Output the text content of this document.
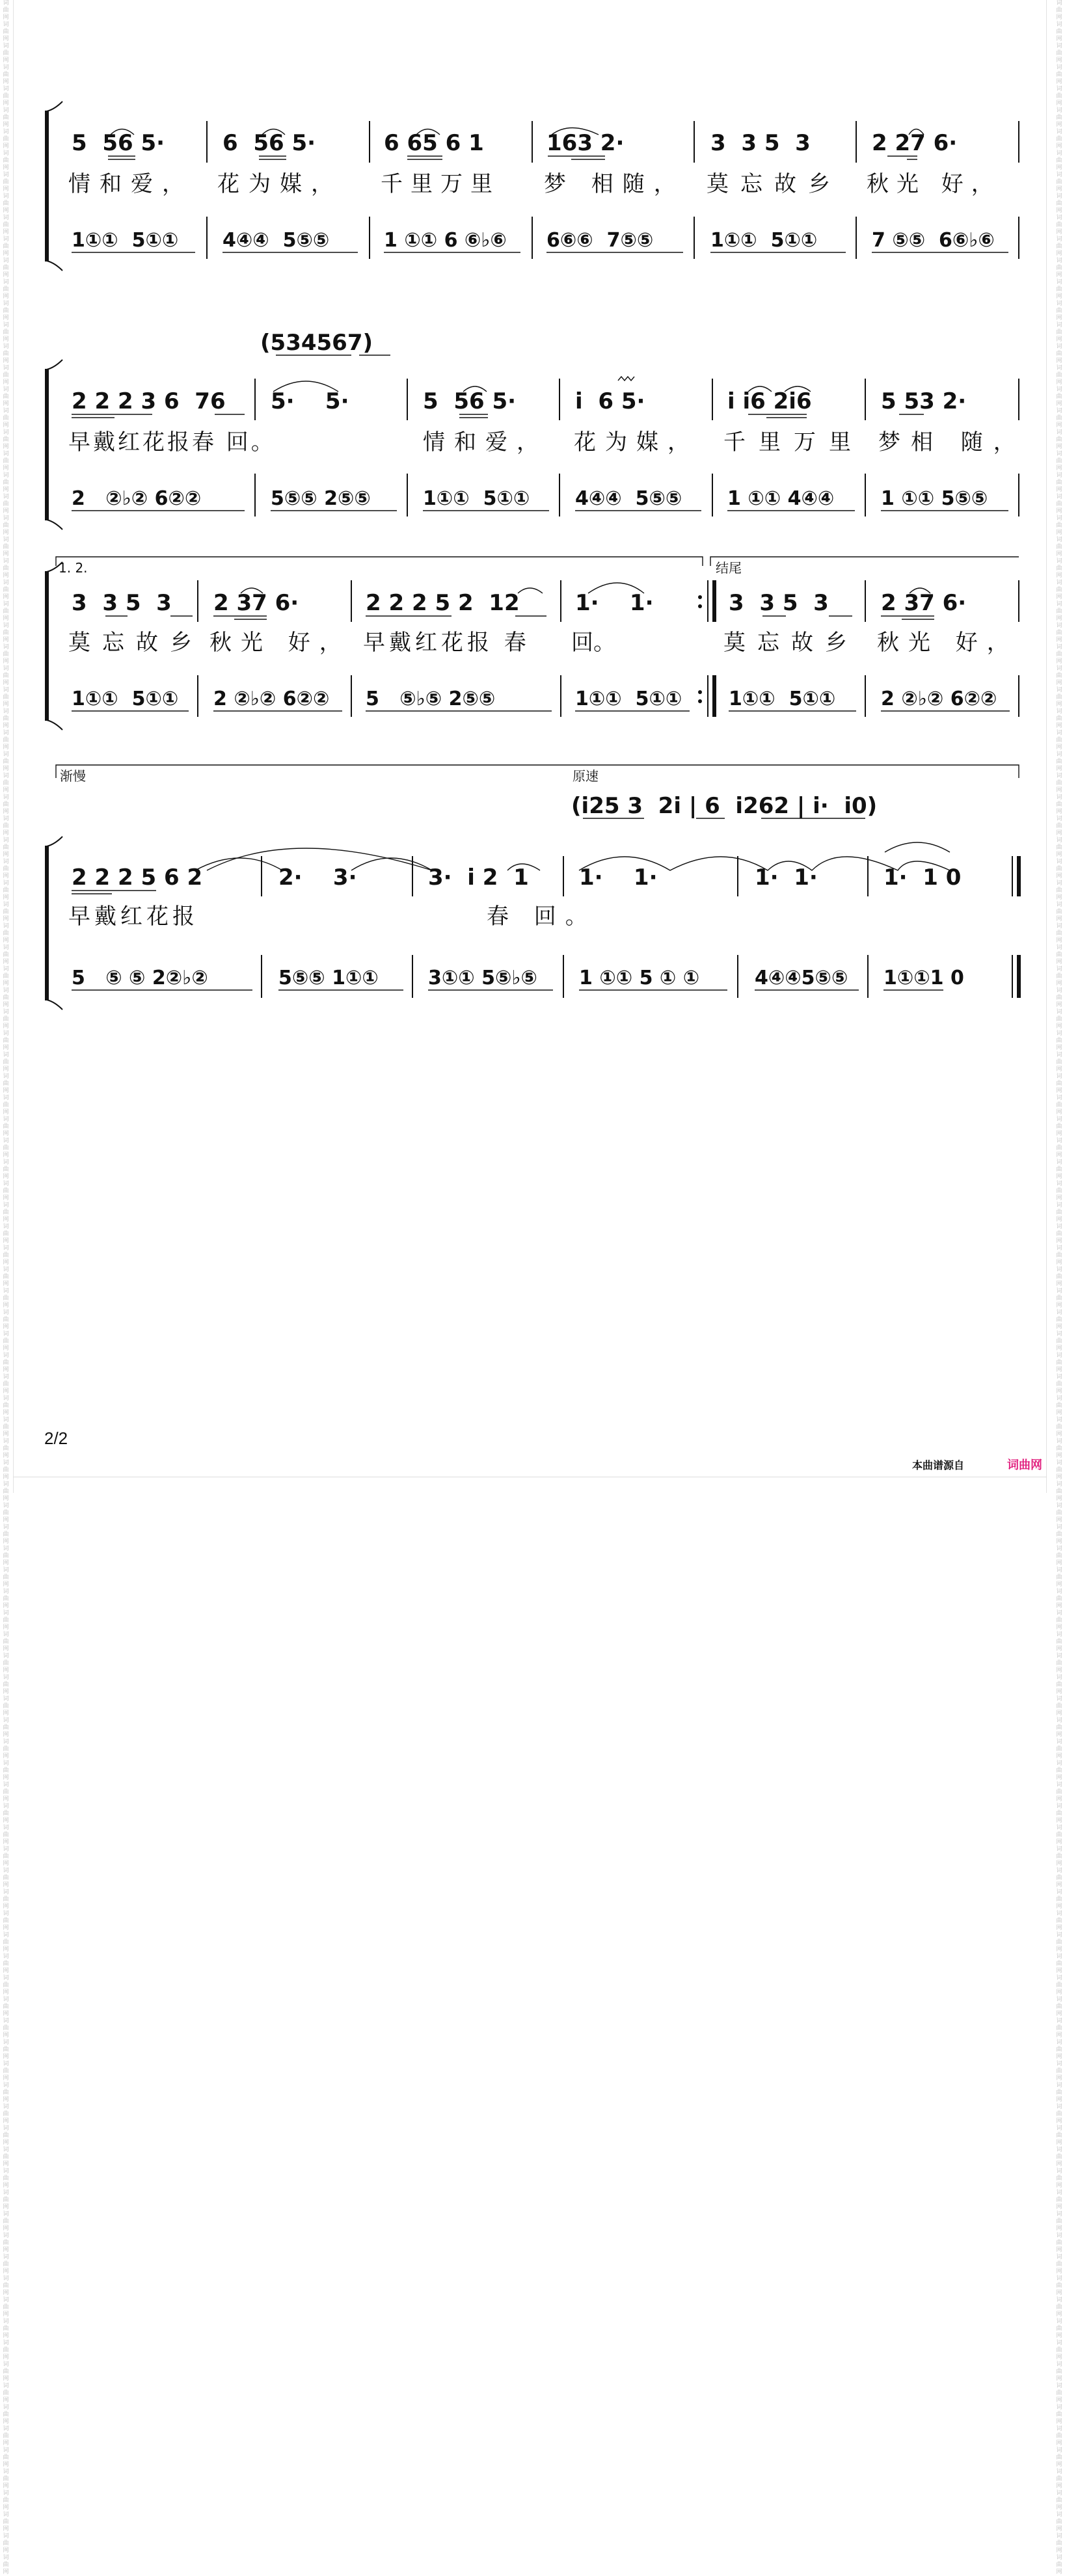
词曲网 词曲网 词曲网 词曲网 词曲网 词曲网 词曲网 词曲网 词曲网 词曲网 词曲网 词曲网 词曲网 词曲网 词曲网 词曲网 词曲网 词曲网 词曲网 词曲网 词曲网 词曲网 词曲网 词曲网 词曲网 词曲网 词曲网 词曲网 词曲网 词曲网 词曲网 词曲网 词曲网 词曲网 词曲网 词曲网 词曲网 词曲网 词曲网 词曲网 词曲网 词曲网 词曲网 词曲网 词曲网 词曲网 词曲网 词曲网 词曲网 词曲网 词曲网 词曲网 词曲网 词曲网 词曲网 词曲网 词曲网 词曲网 词曲网 词曲网 词曲网 词曲网 词曲网 词曲网 词曲网 词曲网 词曲网 词曲网 词曲网 词曲网 词曲网 词曲网 词曲网 词曲网 词曲网 词曲网 词曲网 词曲网 词曲网 词曲网 词曲网 词曲网 词曲网 词曲网 词曲网 词曲网 词曲网 词曲网 词曲网 词曲网 词曲网 词曲网 词曲网 词曲网 词曲网 词曲网 词曲网 词曲网 词曲网 词曲网 词曲网 词曲网 词曲网 词曲网 词曲网 词曲网 词曲网 词曲网 词曲网 词曲网 词曲网 词曲网 词曲网 词曲网 词曲网 词曲网 词曲网 词曲网 词曲网 词曲网
词曲网 词曲网 词曲网 词曲网 词曲网 词曲网 词曲网 词曲网 词曲网 词曲网 词曲网 词曲网 词曲网 词曲网 词曲网 词曲网 词曲网 词曲网 词曲网 词曲网 词曲网 词曲网 词曲网 词曲网 词曲网 词曲网 词曲网 词曲网 词曲网 词曲网 词曲网 词曲网 词曲网 词曲网 词曲网 词曲网 词曲网 词曲网 词曲网 词曲网 词曲网 词曲网 词曲网 词曲网 词曲网 词曲网 词曲网 词曲网 词曲网 词曲网 词曲网 词曲网 词曲网 词曲网 词曲网 词曲网 词曲网 词曲网 词曲网 词曲网 词曲网 词曲网 词曲网 词曲网 词曲网 词曲网 词曲网 词曲网 词曲网 词曲网 词曲网 词曲网 词曲网 词曲网 词曲网 词曲网 词曲网 词曲网 词曲网 词曲网 词曲网 词曲网 词曲网 词曲网 词曲网 词曲网 词曲网 词曲网 词曲网 词曲网 词曲网 词曲网 词曲网 词曲网 词曲网 词曲网 词曲网 词曲网 词曲网 词曲网 词曲网 词曲网 词曲网 词曲网 词曲网 词曲网 词曲网 词曲网 词曲网 词曲网 词曲网 词曲网 词曲网 词曲网 词曲网 词曲网 词曲网 词曲网 词曲网 词曲网
5  56 5·	6  56 5·	6 65 6 1	163 2·	3  3 5  3	2 27 6·
情和爱， 花为媒， 千里万里 梦 相随， 莫忘故乡 秋光 好，
1①①  5①① 4④④  5⑤⑤	1 ①① 6 ⑥♭⑥ 6⑥⑥  7⑤⑤	1①①  5①①	7 ⑤⑤  6⑥♭⑥
(534567)
2 2 2 3 6  76 5·    5·	5  56 5·	i  6 5·	i i6 2i6	5 53 2·
早戴红花报春 回。	情和爱， 花为媒， 千里万里 梦相 随，
2   ②♭② 6②②	5⑤⑤ 2⑤⑤	1①①  5①① 4④④  5⑤⑤ 1 ①① 4④④ 1 ①① 5⑤⑤
1. 2.	结尾
3  3 5  3 2 37 6·	2 2 2 5 2  12	1·    1·	3  3 5  3 2 37 6·
莫忘故乡 秋光 好， 早戴红花报 春 回。	莫忘故乡 秋光 好，
1①①  5①① 2 ②♭② 6②② 5   ⑤♭⑤ 2⑤⑤	1①①  5①① 1①①  5①① 2 ②♭② 6②②
渐慢	原速
(i25 3  2i | 6  i262 | i·  i0)
2 2 2 5 6 2	2·    3·	3·  i 2  1 1·    1·	1·  1·	1·  1 0
早戴红花报	春 回。
5   ⑤ ⑤ 2②♭②	5⑤⑤ 1①①	3①① 5⑤♭⑤ 1 ①① 5 ① ①	4④④5⑤⑤ 1①①1 0
2/2
本曲谱源自	词曲网
